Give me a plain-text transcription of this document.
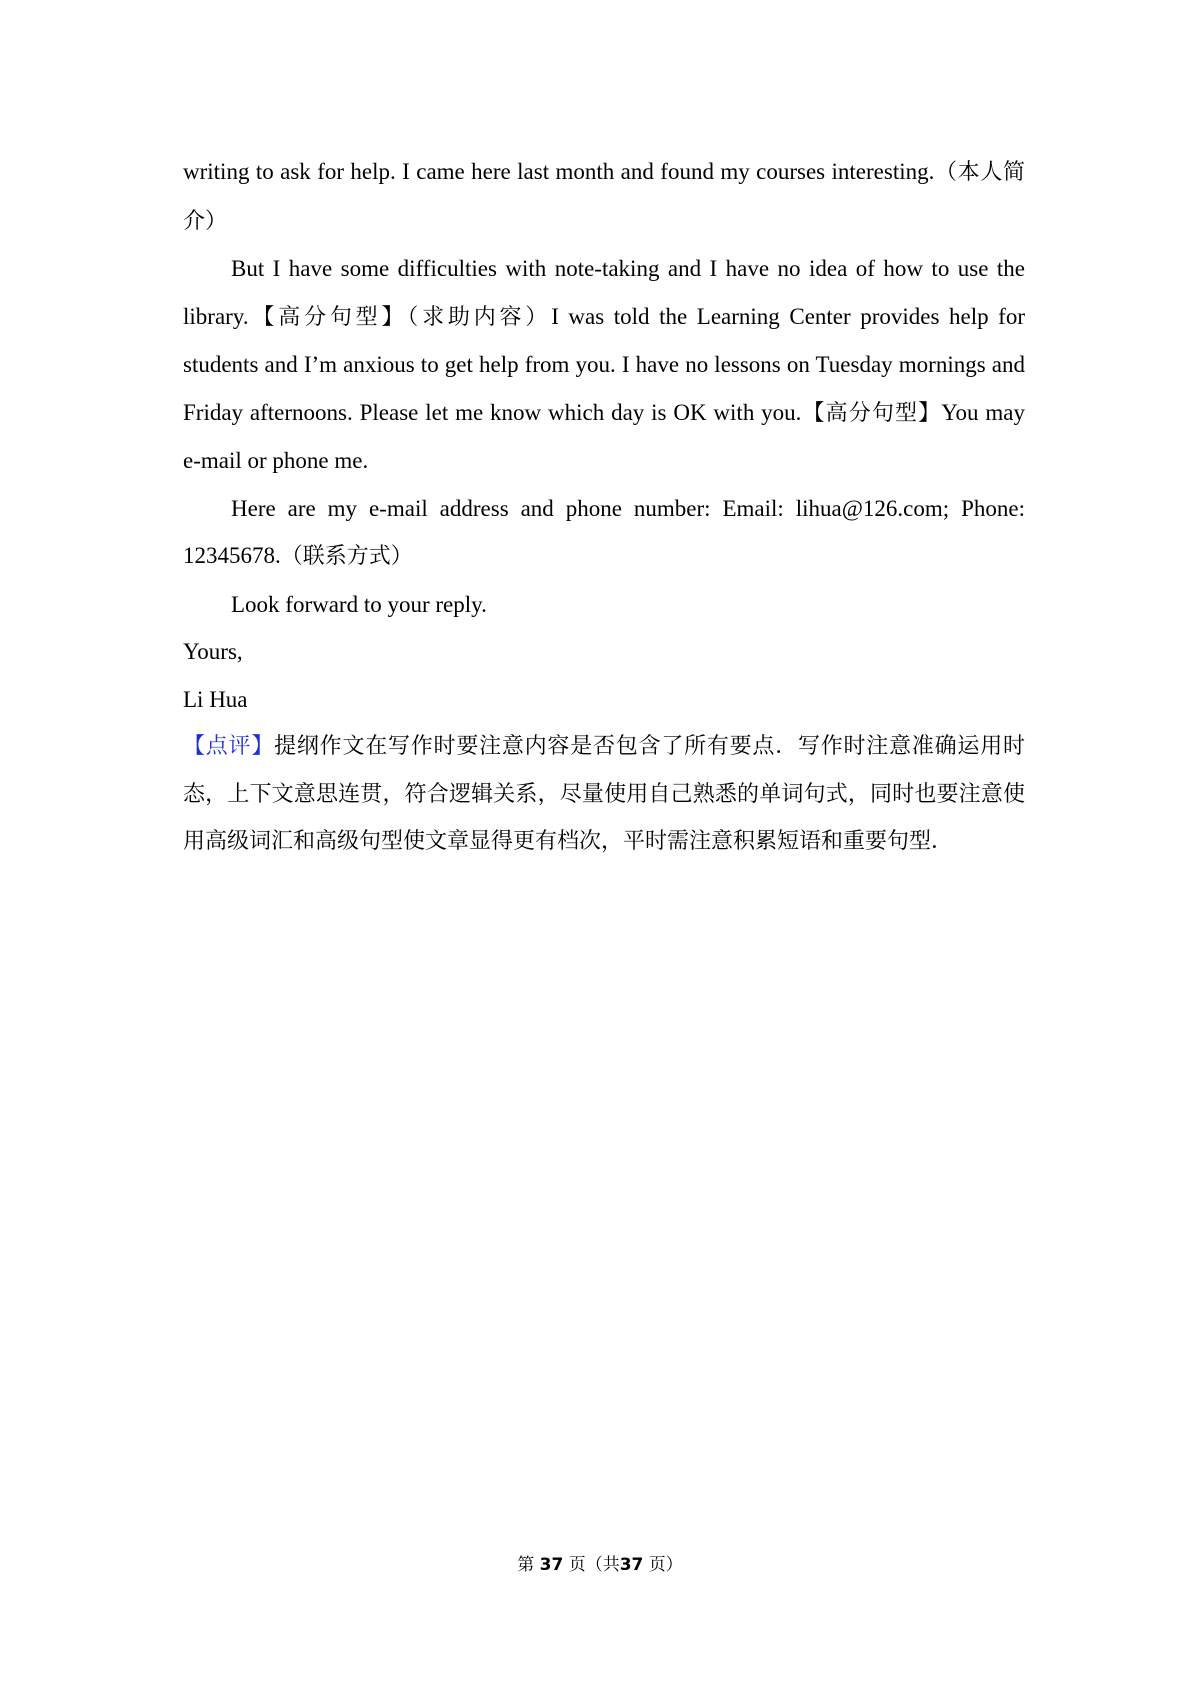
writing to ask for help. I came here last month and found my courses interesting.（本人简介）

But I have some difficulties with note-taking and I have no idea of how to use the library.【高分句型】（求助内容）I was told the Learning Center provides help for students and I’m anxious to get help from you. I have no lessons on Tuesday mornings and Friday afternoons. Please let me know which day is OK with you.【高分句型】You may e-mail or phone me.

Here are my e-mail address and phone number: Email: lihua@126.com; Phone: 12345678.（联系方式）

Look forward to your reply.

Yours,

Li Hua

【点评】提纲作文在写作时要注意内容是否包含了所有要点．写作时注意准确运用时态，上下文意思连贯，符合逻辑关系，尽量使用自己熟悉的单词句式，同时也要注意使用高级词汇和高级句型使文章显得更有档次，平时需注意积累短语和重要句型．

第 37 页（共37 页）
